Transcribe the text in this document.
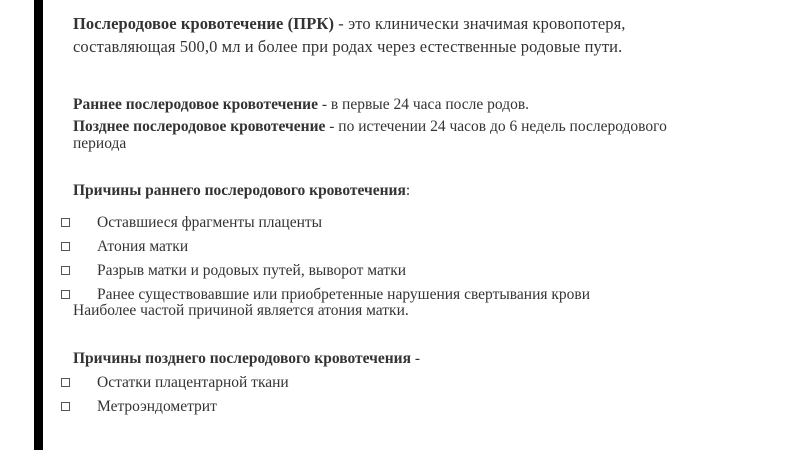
Послеродовое кровотечение (ПРК) - это клинически значимая кровопотеря,

составляющая 500,0 мл и более при родах через естественные родовые пути.

Раннее послеродовое кровотечение - в первые 24 часа после родов.

Позднее послеродовое кровотечение - по истечении 24 часов до 6 недель послеродового

периода

Причины раннего послеродового кровотечения:

Оставшиеся фрагменты плаценты

Атония матки

Разрыв матки и родовых путей, выворот матки

Ранее существовавшие или приобретенные нарушения свертывания крови

Наиболее частой причиной является атония матки.

Причины позднего послеродового кровотечения -

Остатки плацентарной ткани

Метроэндометрит
